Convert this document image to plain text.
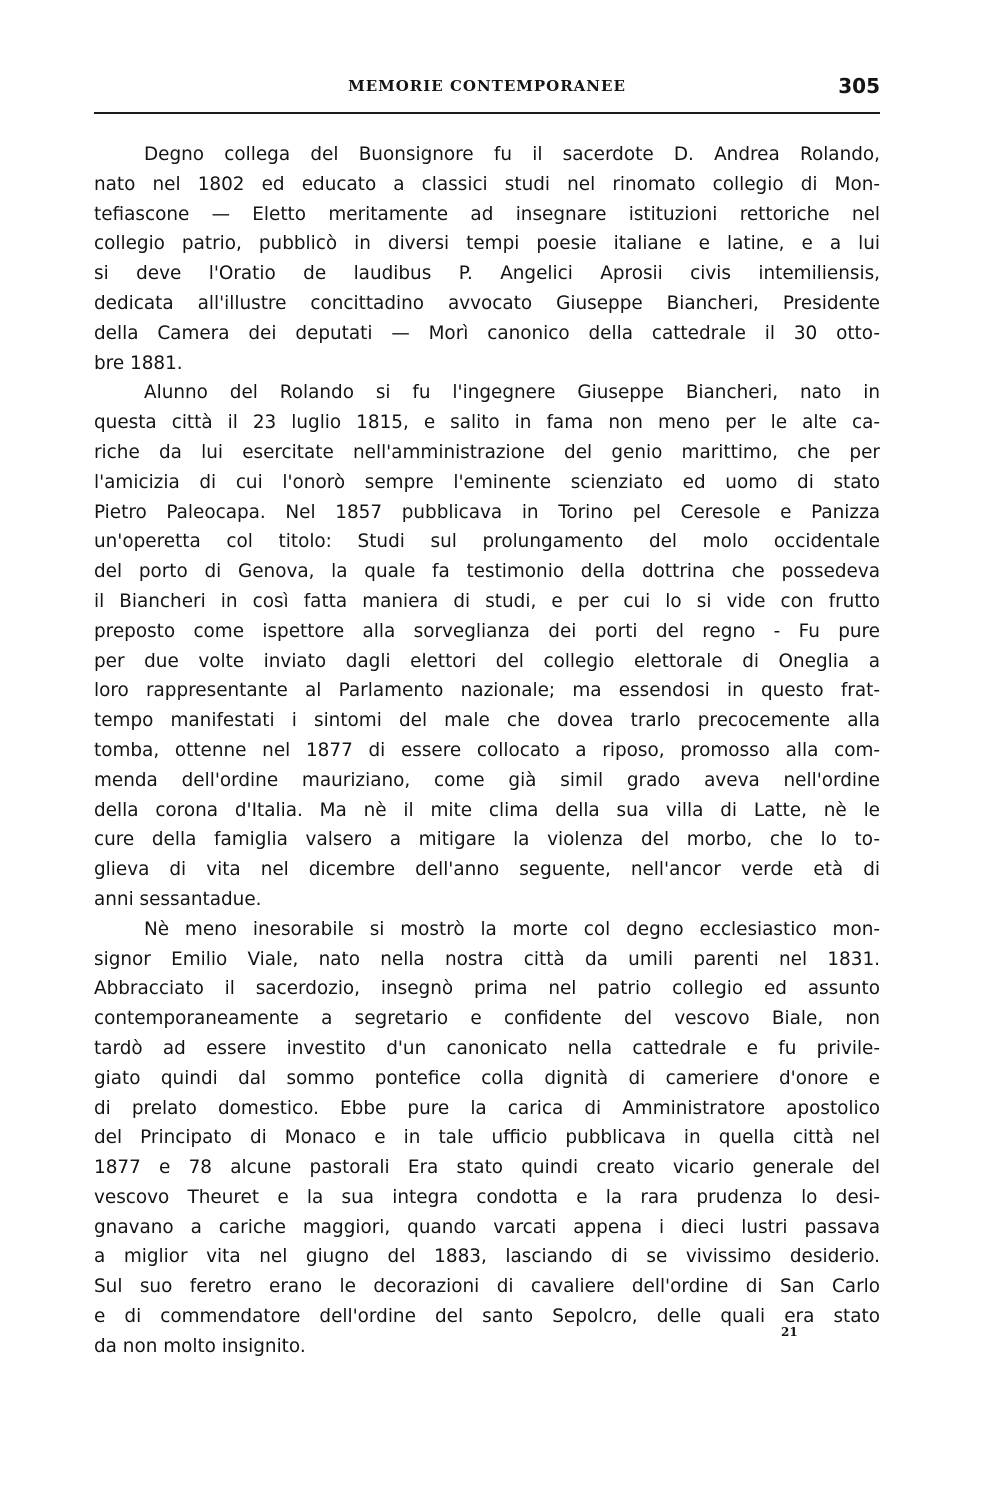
MEMORIE CONTEMPORANEE	305
Degno collega del Buonsignore fu il sacerdote D. Andrea Rolando,
nato nel 1802 ed educato a classici studi nel rinomato collegio di Mon-
tefiascone — Eletto meritamente ad insegnare istituzioni rettoriche nel
collegio patrio, pubblicò in diversi tempi poesie italiane e latine, e a lui
si deve l'Oratio de laudibus P. Angelici Aprosii civis intemiliensis,
dedicata all'illustre concittadino avvocato Giuseppe Biancheri, Presidente
della Camera dei deputati — Morì canonico della cattedrale il 30 otto-
bre 1881.
Alunno del Rolando si fu l'ingegnere Giuseppe Biancheri, nato in
questa città il 23 luglio 1815, e salito in fama non meno per le alte ca-
riche da lui esercitate nell'amministrazione del genio marittimo, che per
l'amicizia di cui l'onorò sempre l'eminente scienziato ed uomo di stato
Pietro Paleocapa. Nel 1857 pubblicava in Torino pel Ceresole e Panizza
un'operetta col titolo: Studi sul prolungamento del molo occidentale
del porto di Genova, la quale fa testimonio della dottrina che possedeva
il Biancheri in così fatta maniera di studi, e per cui lo si vide con frutto
preposto come ispettore alla sorveglianza dei porti del regno - Fu pure
per due volte inviato dagli elettori del collegio elettorale di Oneglia a
loro rappresentante al Parlamento nazionale; ma essendosi in questo frat-
tempo manifestati i sintomi del male che dovea trarlo precocemente alla
tomba, ottenne nel 1877 di essere collocato a riposo, promosso alla com-
menda dell'ordine mauriziano, come già simil grado aveva nell'ordine
della corona d'Italia. Ma nè il mite clima della sua villa di Latte, nè le
cure della famiglia valsero a mitigare la violenza del morbo, che lo to-
glieva di vita nel dicembre dell'anno seguente, nell'ancor verde età di
anni sessantadue.
Nè meno inesorabile si mostrò la morte col degno ecclesiastico mon-
signor Emilio Viale, nato nella nostra città da umili parenti nel 1831.
Abbracciato il sacerdozio, insegnò prima nel patrio collegio ed assunto
contemporaneamente a segretario e confidente del vescovo Biale, non
tardò ad essere investito d'un canonicato nella cattedrale e fu privile-
giato quindi dal sommo pontefice colla dignità di cameriere d'onore e
di prelato domestico. Ebbe pure la carica di Amministratore apostolico
del Principato di Monaco e in tale ufficio pubblicava in quella città nel
1877 e 78 alcune pastorali Era stato quindi creato vicario generale del
vescovo Theuret e la sua integra condotta e la rara prudenza lo desi-
gnavano a cariche maggiori, quando varcati appena i dieci lustri passava
a miglior vita nel giugno del 1883, lasciando di se vivissimo desiderio.
Sul suo feretro erano le decorazioni di cavaliere dell'ordine di San Carlo
e di commendatore dell'ordine del santo Sepolcro, delle quali era stato
da non molto insignito.
21
